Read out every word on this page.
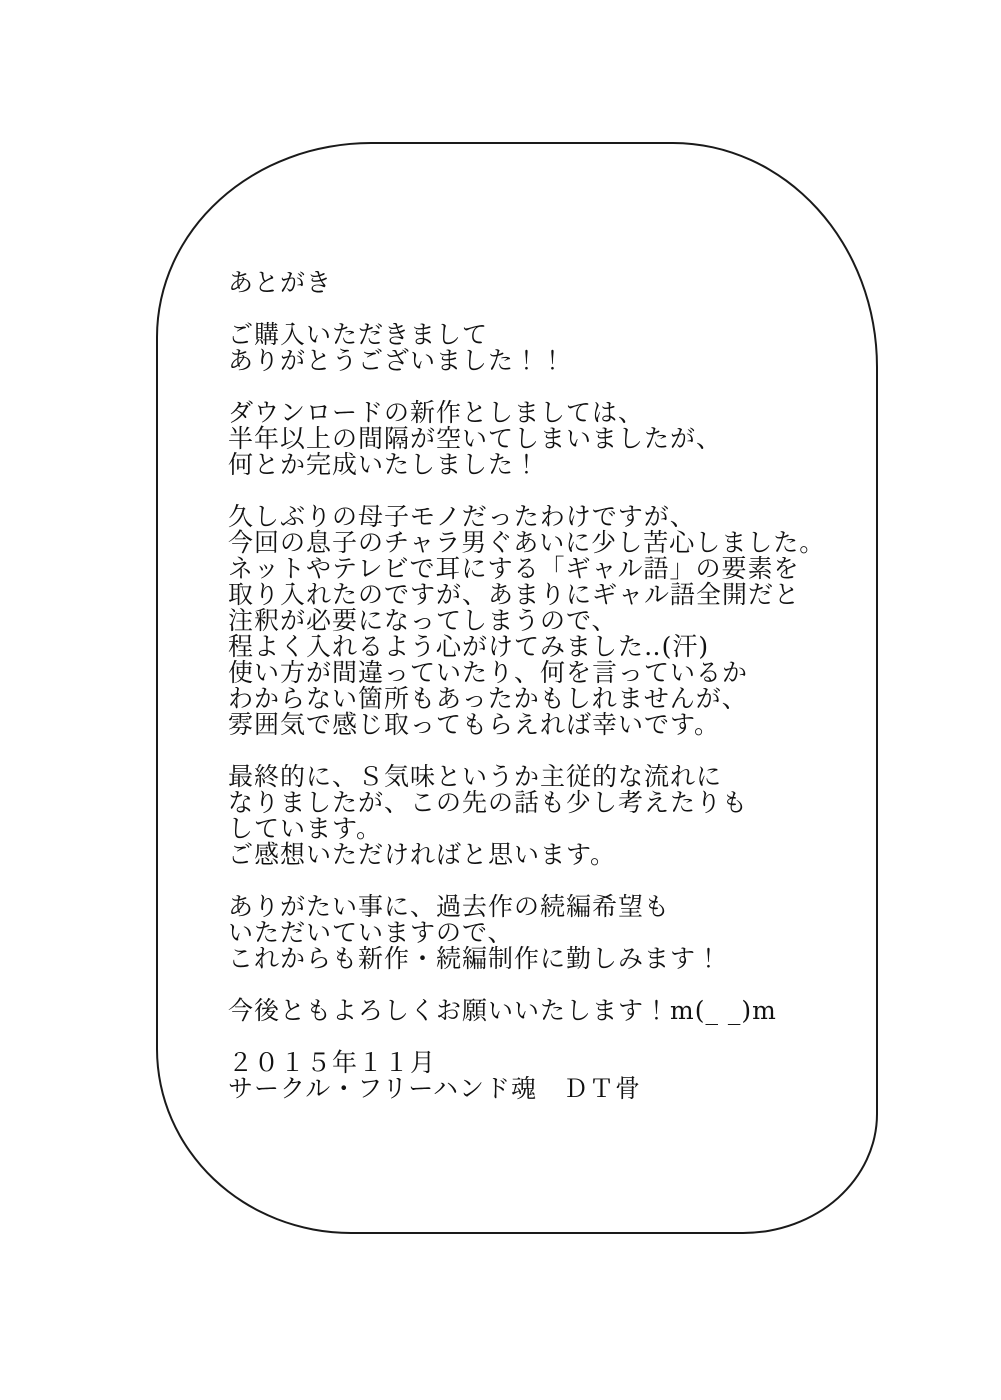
あとがき
ご購入いただきまして
ありがとうございました！！
ダウンロードの新作としましては、
半年以上の間隔が空いてしまいましたが、
何とか完成いたしました！
久しぶりの母子モノだったわけですが、
今回の息子のチャラ男ぐあいに少し苦心しました。
ネットやテレビで耳にする「ギャル語」の要素を
取り入れたのですが、あまりにギャル語全開だと
注釈が必要になってしまうので、
程よく入れるよう心がけてみました‥(汗)
使い方が間違っていたり、何を言っているか
わからない箇所もあったかもしれませんが、
雰囲気で感じ取ってもらえれば幸いです。
最終的に、Ｓ気味というか主従的な流れに
なりましたが、この先の話も少し考えたりも
しています。
ご感想いただければと思います。
ありがたい事に、過去作の続編希望も
いただいていますので、
これからも新作・続編制作に勤しみます！
今後ともよろしくお願いいたします！m(_ _)m
２０１５年１１月
サークル・フリーハンド魂　ＤＴ骨
